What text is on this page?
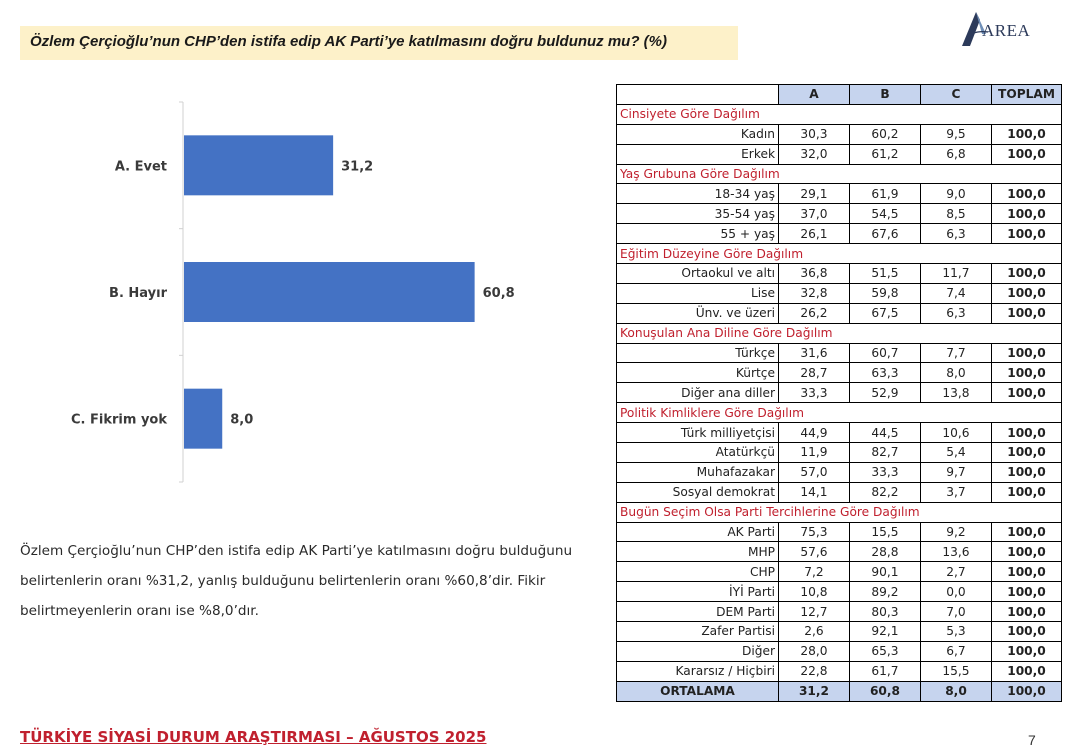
Özlem Çerçioğlu’nun CHP’den istifa edip AK Parti’ye katılmasını doğru buldunuz mu? (%)
AREA
A. Evet	31,2
B. Hayır	60,8
C. Fikrim yok	8,0
Özlem Çerçioğlu’nun CHP’den istifa edip AK Parti’ye katılmasını doğru bulduğunu belirtenlerin oranı %31,2, yanlış bulduğunu belirtenlerin oranı %60,8’dir. Fikir belirtmeyenlerin oranı ise %8,0’dır.
	A	B	C	TOPLAM
Cinsiyete Göre Dağılım				
Kadın	30,3	60,2	9,5	100,0
Erkek	32,0	61,2	6,8	100,0
Yaş Grubuna Göre Dağılım				
18-34 yaş	29,1	61,9	9,0	100,0
35-54 yaş	37,0	54,5	8,5	100,0
55 + yaş	26,1	67,6	6,3	100,0
Eğitim Düzeyine Göre Dağılım				
Ortaokul ve altı	36,8	51,5	11,7	100,0
Lise	32,8	59,8	7,4	100,0
Ünv. ve üzeri	26,2	67,5	6,3	100,0
Konuşulan Ana Diline Göre Dağılım				
Türkçe	31,6	60,7	7,7	100,0
Kürtçe	28,7	63,3	8,0	100,0
Diğer ana diller	33,3	52,9	13,8	100,0
Politik Kimliklere Göre Dağılım				
Türk milliyetçisi	44,9	44,5	10,6	100,0
Atatürkçü	11,9	82,7	5,4	100,0
Muhafazakar	57,0	33,3	9,7	100,0
Sosyal demokrat	14,1	82,2	3,7	100,0
Bugün Seçim Olsa Parti Tercihlerine Göre Dağılım				
AK Parti	75,3	15,5	9,2	100,0
MHP	57,6	28,8	13,6	100,0
CHP	7,2	90,1	2,7	100,0
İYİ Parti	10,8	89,2	0,0	100,0
DEM Parti	12,7	80,3	7,0	100,0
Zafer Partisi	2,6	92,1	5,3	100,0
Diğer	28,0	65,3	6,7	100,0
Kararsız / Hiçbiri	22,8	61,7	15,5	100,0
ORTALAMA	31,2	60,8	8,0	100,0
TÜRKİYE SİYASİ DURUM ARAŞTIRMASI – AĞUSTOS 2025	7
